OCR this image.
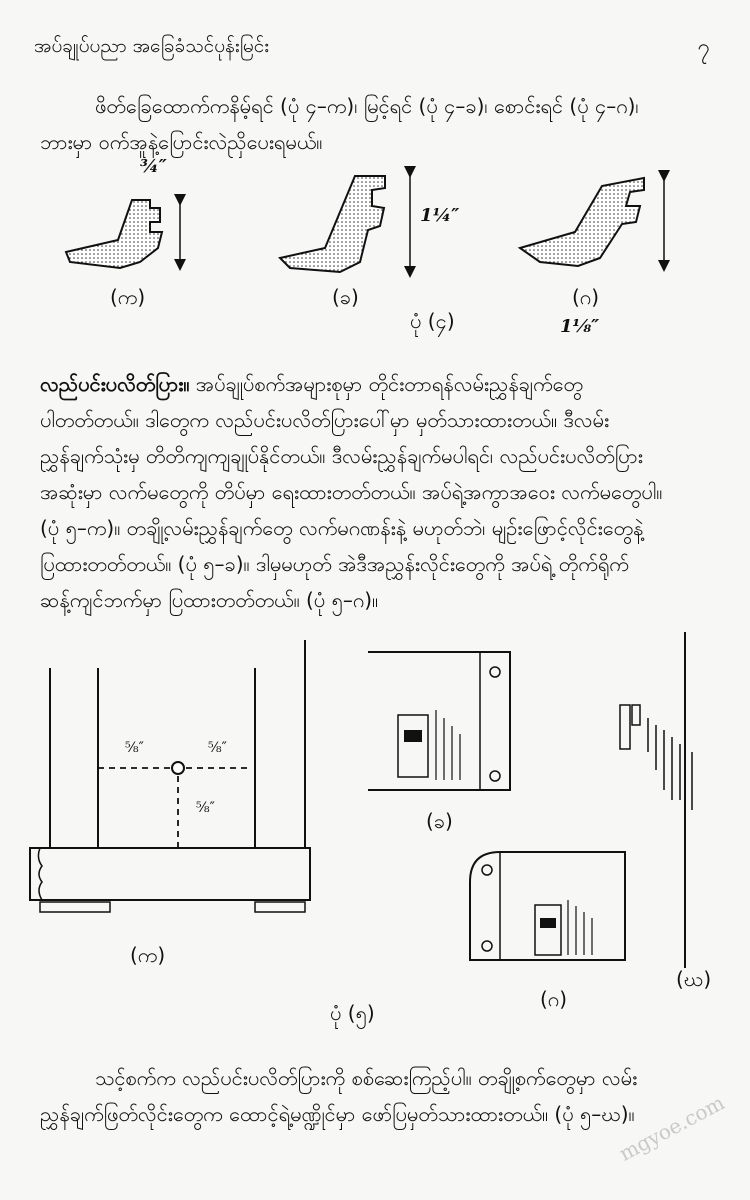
အပ်ချုပ်ပညာ အခြေခံသင်ပုန်းမြင်း	၇
ဖိတ်ခြေထောက်ကနိမ့်ရင် (ပုံ ၄–က)၊ မြင့်ရင် (ပုံ ၄–ခ)၊ စောင်းရင် (ပုံ ၄–ဂ)၊
ဘားမှာ ဝက်အူနဲ့ပြောင်းလဲညှိပေးရမယ်။
¾″
1¼″
1⅛″
(က)	(ခ)	(ဂ)
ပုံ (၄)
လည်ပင်းပလိတ်ပြား။ အပ်ချုပ်စက်အများစုမှာ တိုင်းတာရန်လမ်းညွှန်ချက်တွေ
ပါတတ်တယ်။ ဒါတွေက လည်ပင်းပလိတ်ပြားပေါ်မှာ မှတ်သားထားတယ်။ ဒီလမ်း
ညွှန်ချက်သုံးမှ တိတိကျကျချုပ်နိုင်တယ်။ ဒီလမ်းညွှန်ချက်မပါရင်၊ လည်ပင်းပလိတ်ပြား
အဆုံးမှာ လက်မတွေကို တိပ်မှာ ရေးထားတတ်တယ်။ အပ်ရဲ့အကွာအဝေး လက်မတွေပါ။
(ပုံ ၅–က)။ တချို့လမ်းညွှန်ချက်တွေ လက်မဂဏန်းနဲ့ မဟုတ်ဘဲ၊ မျဉ်းဖြောင့်လိုင်းတွေနဲ့
ပြထားတတ်တယ်။ (ပုံ ၅–ခ)။ ဒါမှမဟုတ် အဲဒီအညွှန်းလိုင်းတွေကို အပ်ရဲ့ တိုက်ရိုက်
ဆန့်ကျင်ဘက်မှာ ပြထားတတ်တယ်။ (ပုံ ၅–ဂ)။
⅝″	⅝″
⅝″
(က)
(ခ)
(ဂ)
(ဃ)
ပုံ (၅)
သင့်စက်က လည်ပင်းပလိတ်ပြားကို စစ်ဆေးကြည့်ပါ။ တချို့စက်တွေမှာ လမ်း
ညွှန်ချက်ဖြတ်လိုင်းတွေက ထောင့်ရဲ့မဏ္ဍိုင်မှာ ဖော်ပြမှတ်သားထားတယ်။ (ပုံ ၅–ဃ)။
mgyoe.com
